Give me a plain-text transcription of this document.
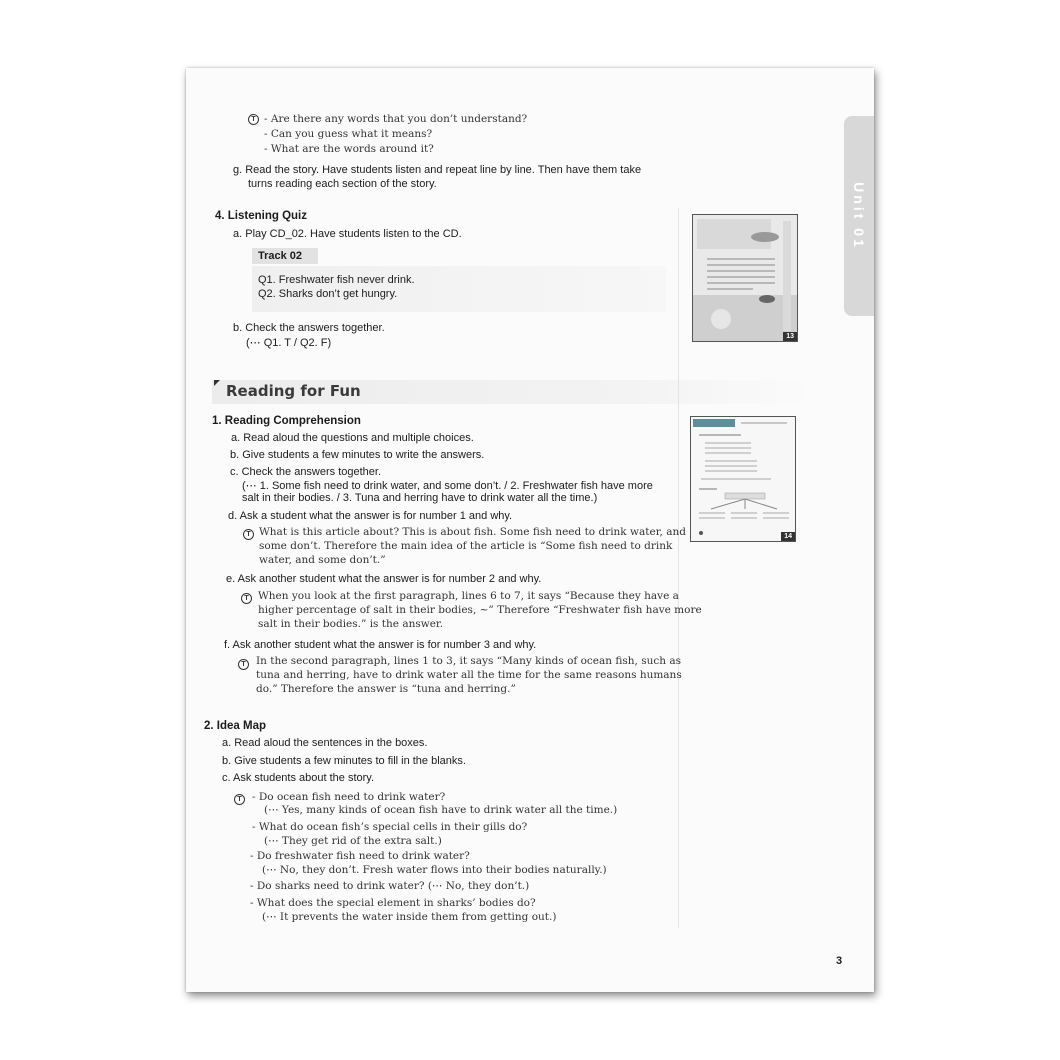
Unit 01
T - Are there any words that you don’t understand?
- Can you guess what it means?
- What are the words around it?
g. Read the story. Have students listen and repeat line by line. Then have them take
turns reading each section of the story.
4. Listening Quiz
a. Play CD_02. Have students listen to the CD.
Track 02
Q1. Freshwater fish never drink.
Q2. Sharks don’t get hungry.
b. Check the answers together.
(⋯ Q1. T / Q2. F)
13
Reading for Fun
1. Reading Comprehension
a. Read aloud the questions and multiple choices.
b. Give students a few minutes to write the answers.
c. Check the answers together.
(⋯ 1. Some fish need to drink water, and some don’t. / 2. Freshwater fish have more
salt in their bodies. / 3. Tuna and herring have to drink water all the time.)
d. Ask a student what the answer is for number 1 and why.
T What is this article about? This is about fish. Some fish need to drink water, and
some don’t. Therefore the main idea of the article is “Some fish need to drink
water, and some don’t.”
e. Ask another student what the answer is for number 2 and why.
T When you look at the first paragraph, lines 6 to 7, it says “Because they have a
higher percentage of salt in their bodies, ~” Therefore “Freshwater fish have more
salt in their bodies.” is the answer.
f. Ask another student what the answer is for number 3 and why.
T In the second paragraph, lines 1 to 3, it says “Many kinds of ocean fish, such as
tuna and herring, have to drink water all the time for the same reasons humans
do.” Therefore the answer is “tuna and herring.”
14
2. Idea Map
a. Read aloud the sentences in the boxes.
b. Give students a few minutes to fill in the blanks.
c. Ask students about the story.
T - Do ocean fish need to drink water?
(⋯ Yes, many kinds of ocean fish have to drink water all the time.)
- What do ocean fish’s special cells in their gills do?
(⋯ They get rid of the extra salt.)
- Do freshwater fish need to drink water?
(⋯ No, they don’t. Fresh water flows into their bodies naturally.)
- Do sharks need to drink water? (⋯ No, they don’t.)
- What does the special element in sharks’ bodies do?
(⋯ It prevents the water inside them from getting out.)
3
